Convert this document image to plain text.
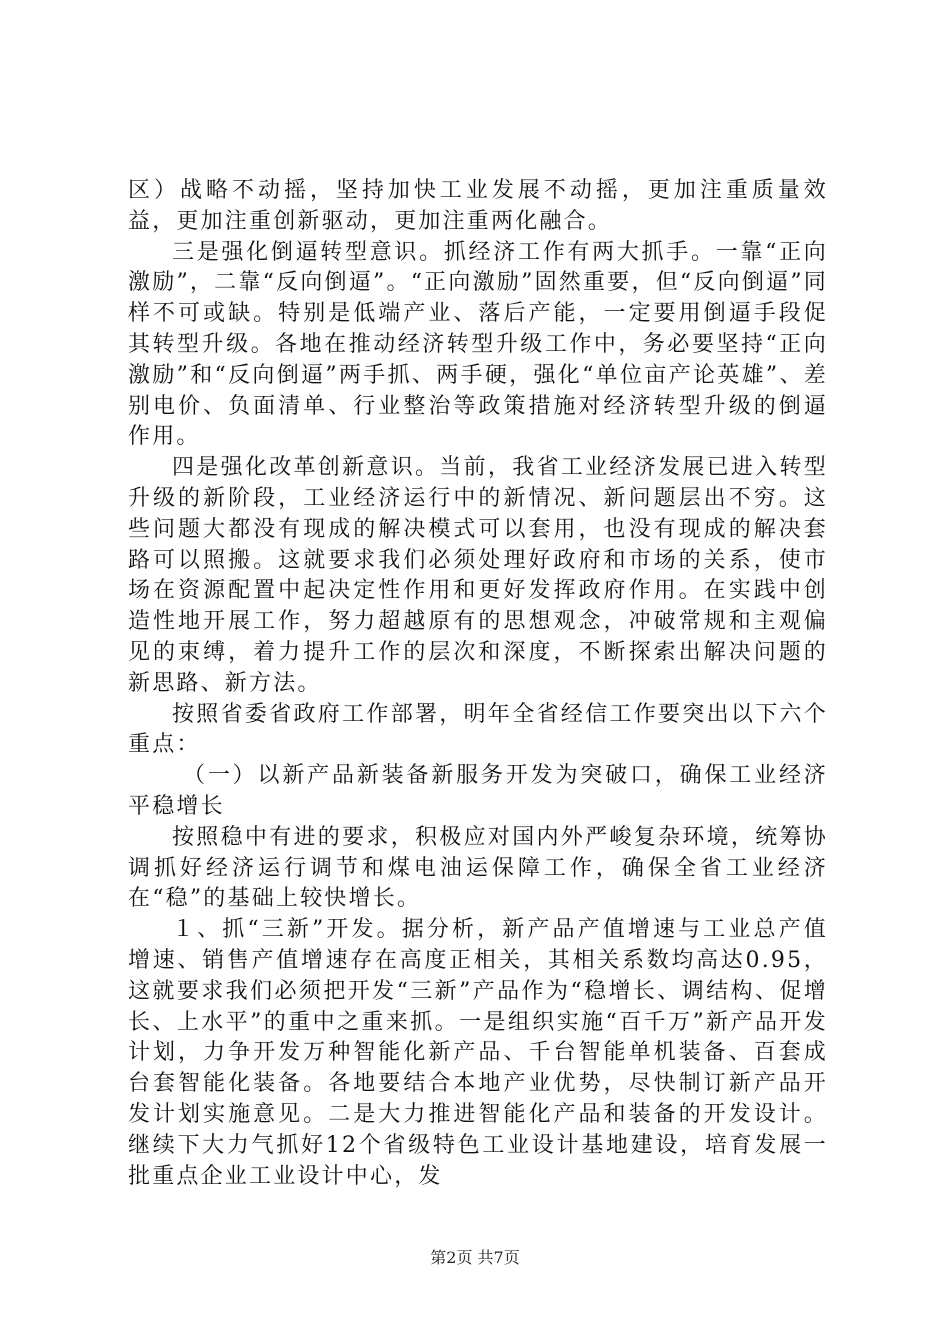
区）战略不动摇，坚持加快工业发展不动摇，更加注重质量效益，更加注重创新驱动，更加注重两化融合。

三是强化倒逼转型意识。抓经济工作有两大抓手。一靠“正向激励”，二靠“反向倒逼”。“正向激励”固然重要，但“反向倒逼”同样不可或缺。特别是低端产业、落后产能，一定要用倒逼手段促其转型升级。各地在推动经济转型升级工作中，务必要坚持“正向激励”和“反向倒逼”两手抓、两手硬，强化“单位亩产论英雄”、差别电价、负面清单、行业整治等政策措施对经济转型升级的倒逼作用。

四是强化改革创新意识。当前，我省工业经济发展已进入转型升级的新阶段，工业经济运行中的新情况、新问题层出不穷。这些问题大都没有现成的解决模式可以套用，也没有现成的解决套路可以照搬。这就要求我们必须处理好政府和市场的关系，使市场在资源配置中起决定性作用和更好发挥政府作用。在实践中创造性地开展工作，努力超越原有的思想观念，冲破常规和主观偏见的束缚，着力提升工作的层次和深度，不断探索出解决问题的新思路、新方法。

按照省委省政府工作部署，明年全省经信工作要突出以下六个重点：

（一）以新产品新装备新服务开发为突破口，确保工业经济平稳增长

按照稳中有进的要求，积极应对国内外严峻复杂环境，统筹协调抓好经济运行调节和煤电油运保障工作，确保全省工业经济在“稳”的基础上较快增长。

１、抓“三新”开发。据分析，新产品产值增速与工业总产值增速、销售产值增速存在高度正相关，其相关系数均高达0.95，这就要求我们必须把开发“三新”产品作为“稳增长、调结构、促增长、上水平”的重中之重来抓。一是组织实施“百千万”新产品开发计划，力争开发万种智能化新产品、千台智能单机装备、百套成台套智能化装备。各地要结合本地产业优势，尽快制订新产品开发计划实施意见。二是大力推进智能化产品和装备的开发设计。继续下大力气抓好12个省级特色工业设计基地建设，培育发展一批重点企业工业设计中心，发

第2页 共7页
